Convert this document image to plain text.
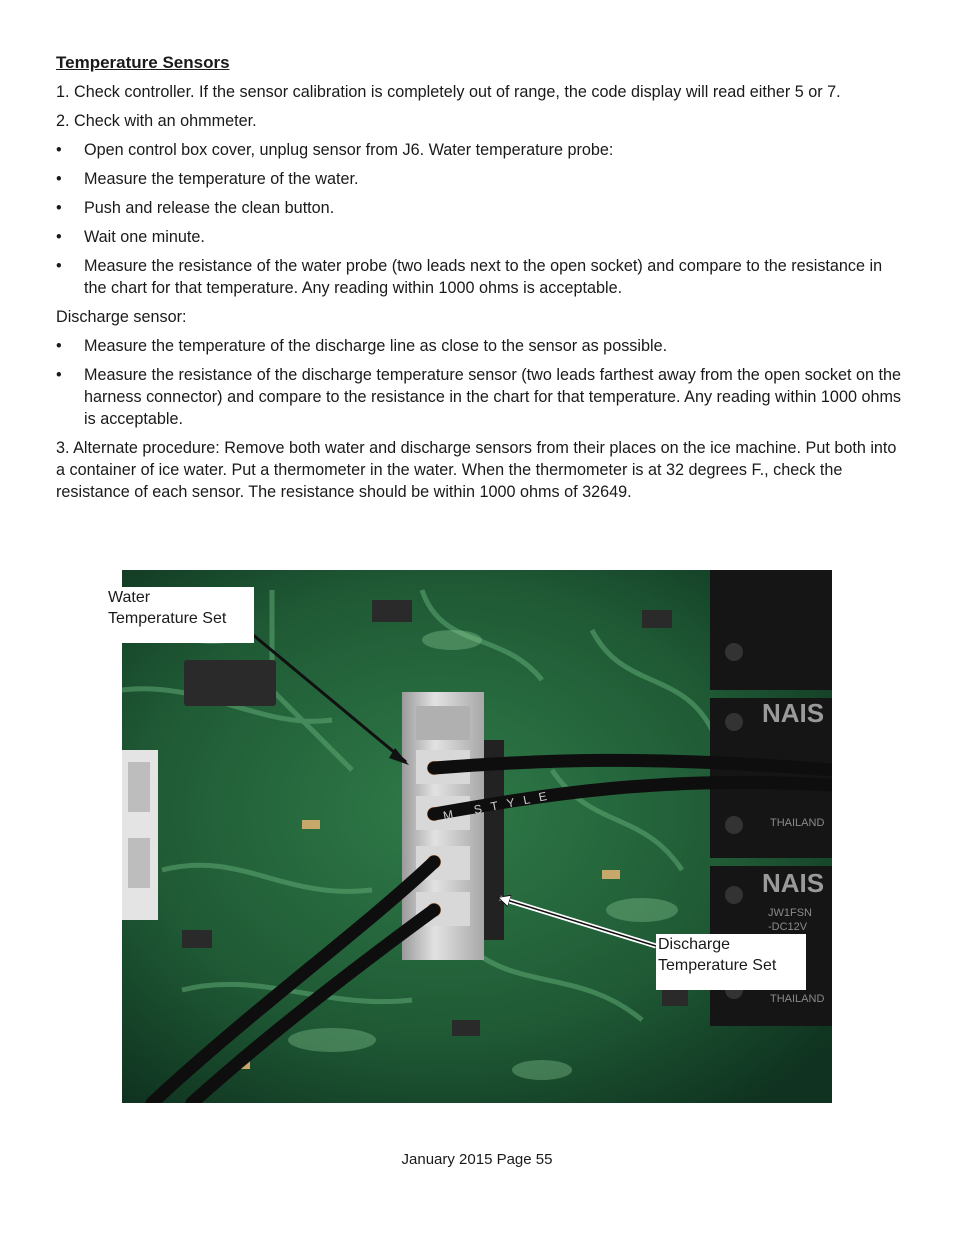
Temperature Sensors
1. Check controller. If the sensor calibration is completely out of range, the code display will read either 5 or 7.
2. Check with an ohmmeter.
• Open control box cover, unplug sensor from J6. Water temperature probe:
• Measure the temperature of the water.
• Push and release the clean button.
• Wait one minute.
• Measure the resistance of the water probe (two leads next to the open socket) and compare to the resistance in the chart for that temperature. Any reading within 1000 ohms is acceptable.
Discharge sensor:
• Measure the temperature of the discharge line as close to the sensor as possible.
• Measure the resistance of the discharge temperature sensor (two leads farthest away from the open socket on the harness connector) and compare to the resistance in the chart for that temperature. Any reading within 1000 ohms is acceptable.
3. Alternate procedure: Remove both water and discharge sensors from their places on the ice machine. Put both into a container of ice water. Put a thermometer in the water. When the thermometer is at 32 degrees F., check the resistance of each sensor. The resistance should be within 1000 ohms of 32649.
NAIS
NAIS
THAILAND
THAILAND
JW1FSN
-DC12V
M STYLE
Water
Temperature Set
Discharge
Temperature Set
January 2015 Page 55
